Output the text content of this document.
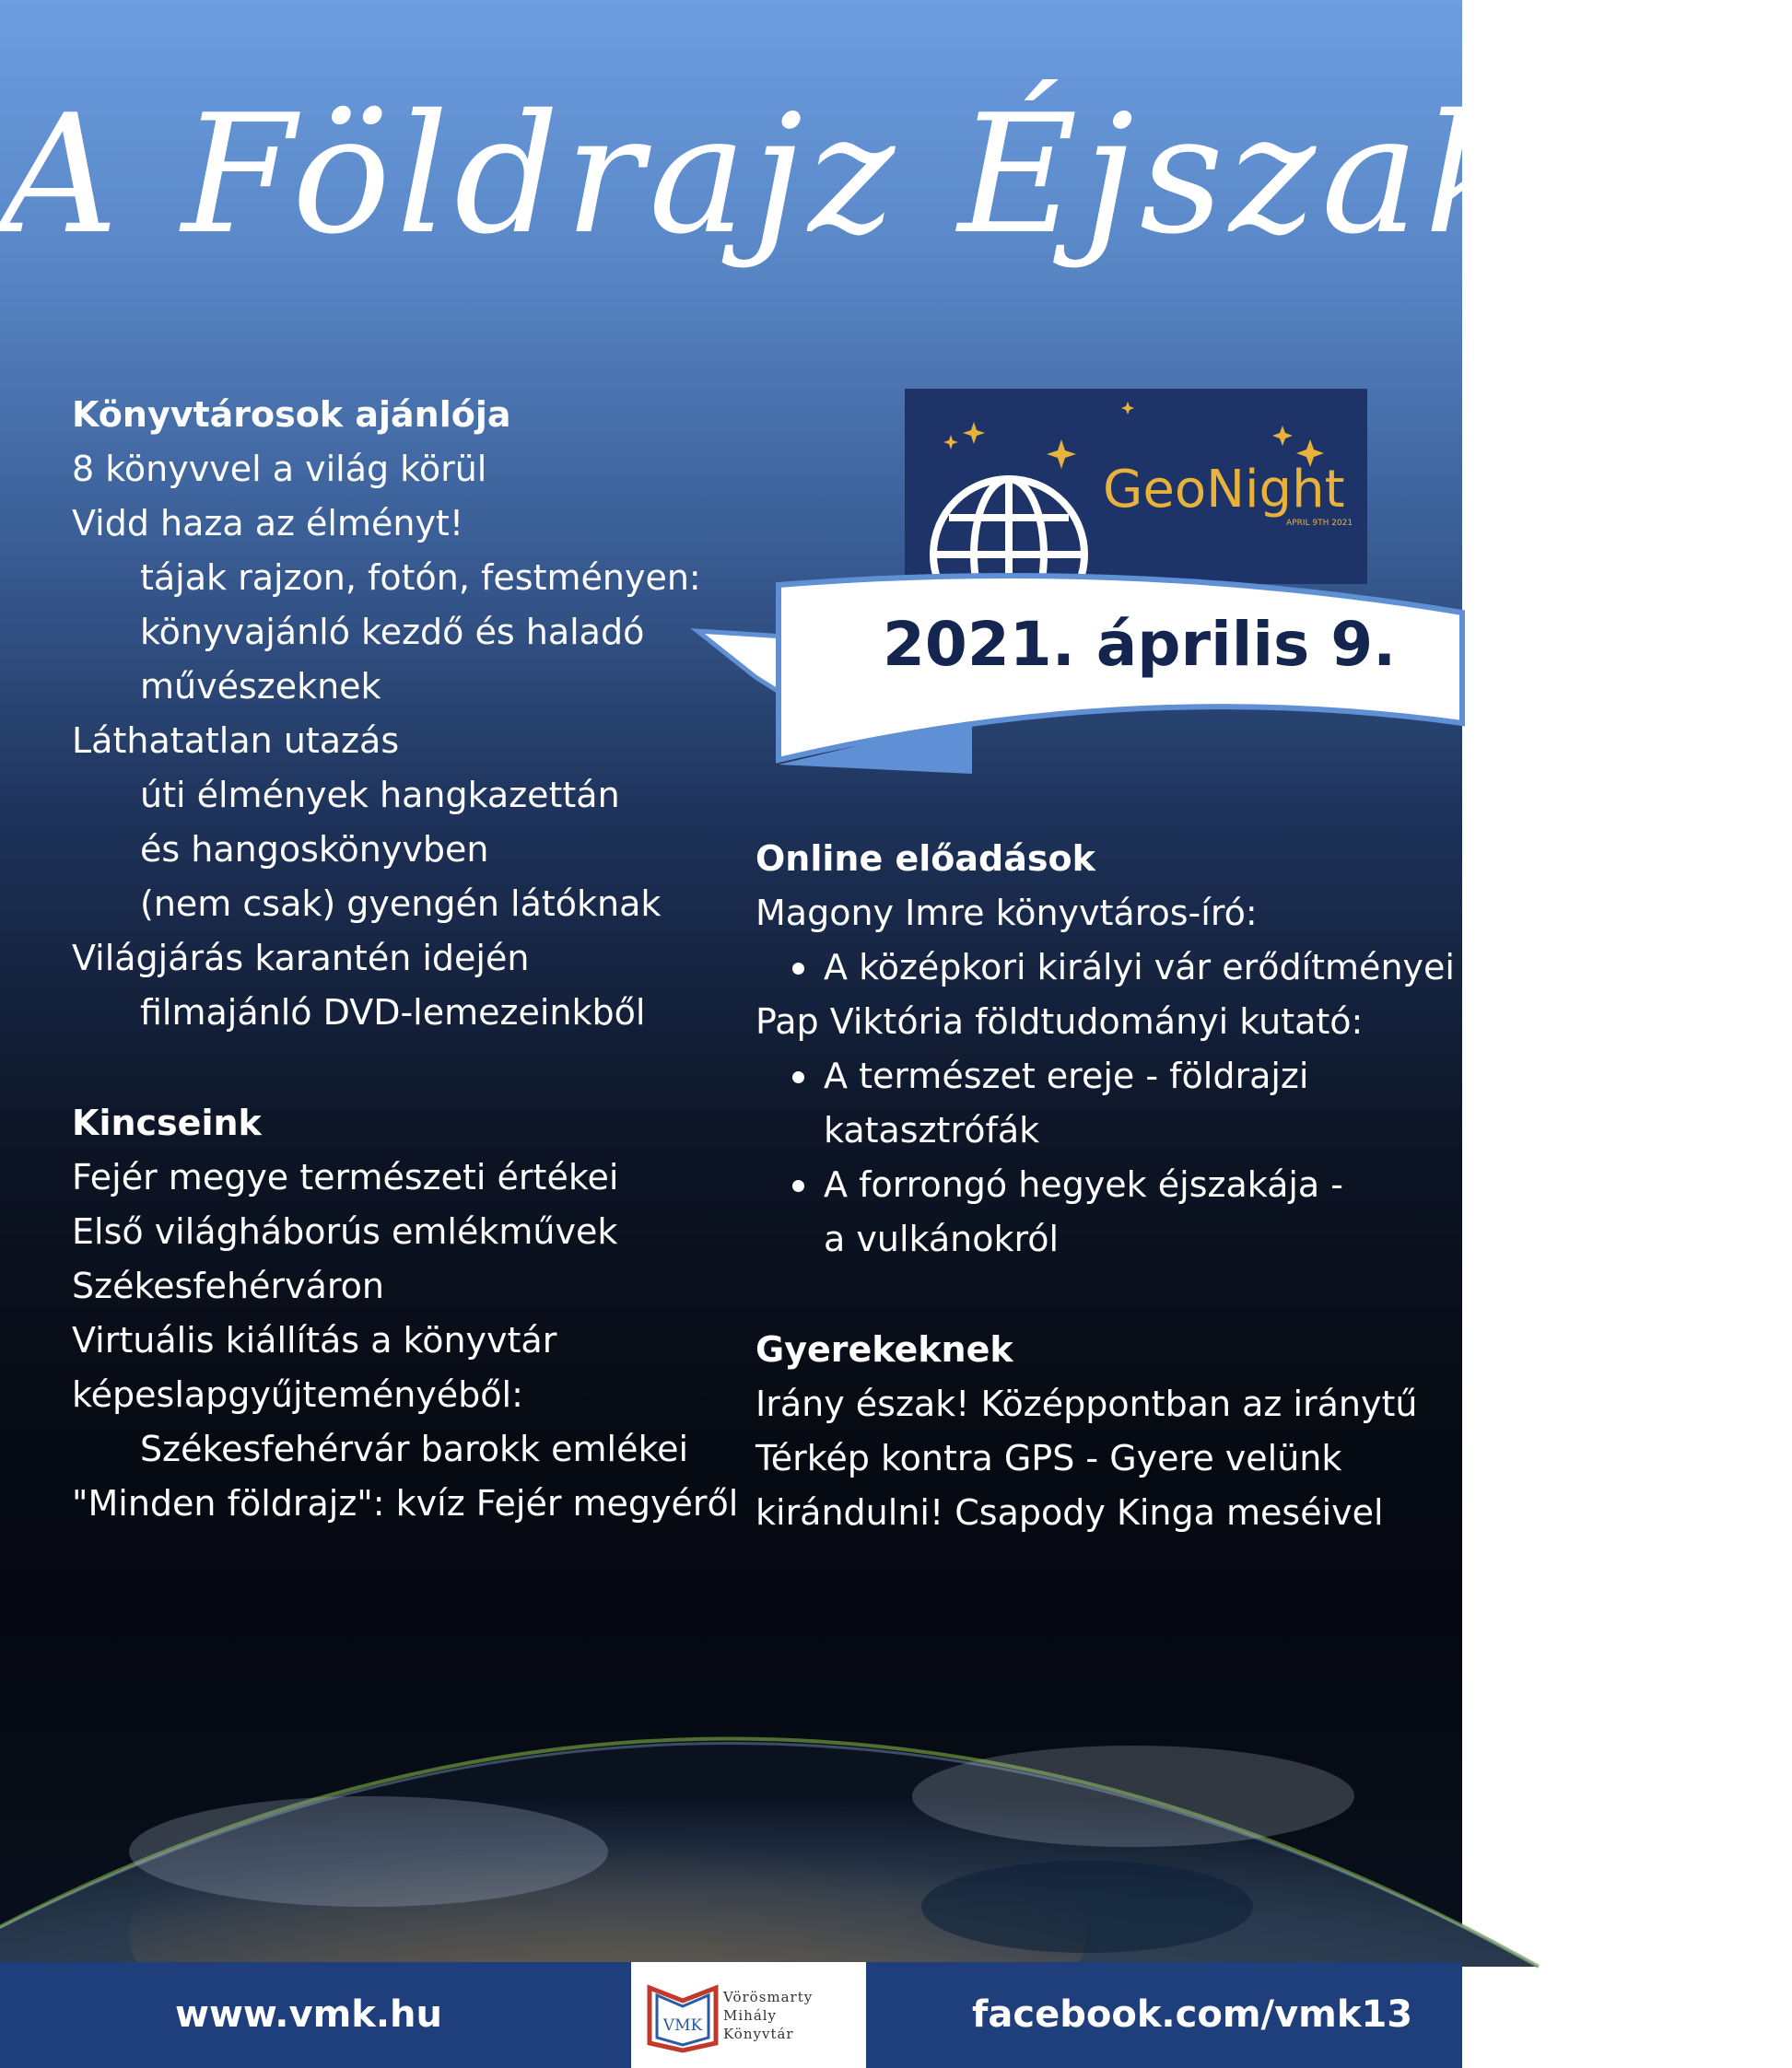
A Földrajz Éjszakája
Könyvtárosok ajánlója
8 könyvvel a világ körül
Vidd haza az élményt!
tájak rajzon, fotón, festményen:
könyvajánló kezdő és haladó
művészeknek
Láthatatlan utazás
úti élmények hangkazettán
és hangoskönyvben
(nem csak) gyengén látóknak
Világjárás karantén idején
filmajánló DVD-lemezeinkből
Kincseink
Fejér megye természeti értékei
Első világháborús emlékművek
Székesfehérváron
Virtuális kiállítás a könyvtár
képeslapgyűjteményéből:
Székesfehérvár barokk emlékei
"Minden földrajz": kvíz Fejér megyéről
GeoNight
APRIL 9TH 2021
2021. április 9.
Online előadások
Magony Imre könyvtáros-író:
A középkori királyi vár erődítményei
Pap Viktória földtudományi kutató:
A természet ereje - földrajzi
katasztrófák
A forrongó hegyek éjszakája -
a vulkánokról
Gyerekeknek
Irány észak! Középpontban az iránytű
Térkép kontra GPS - Gyere velünk
kirándulni! Csapody Kinga meséivel
www.vmk.hu	facebook.com/vmk13
VMK
Vörösmarty
Mihály
Könyvtár
